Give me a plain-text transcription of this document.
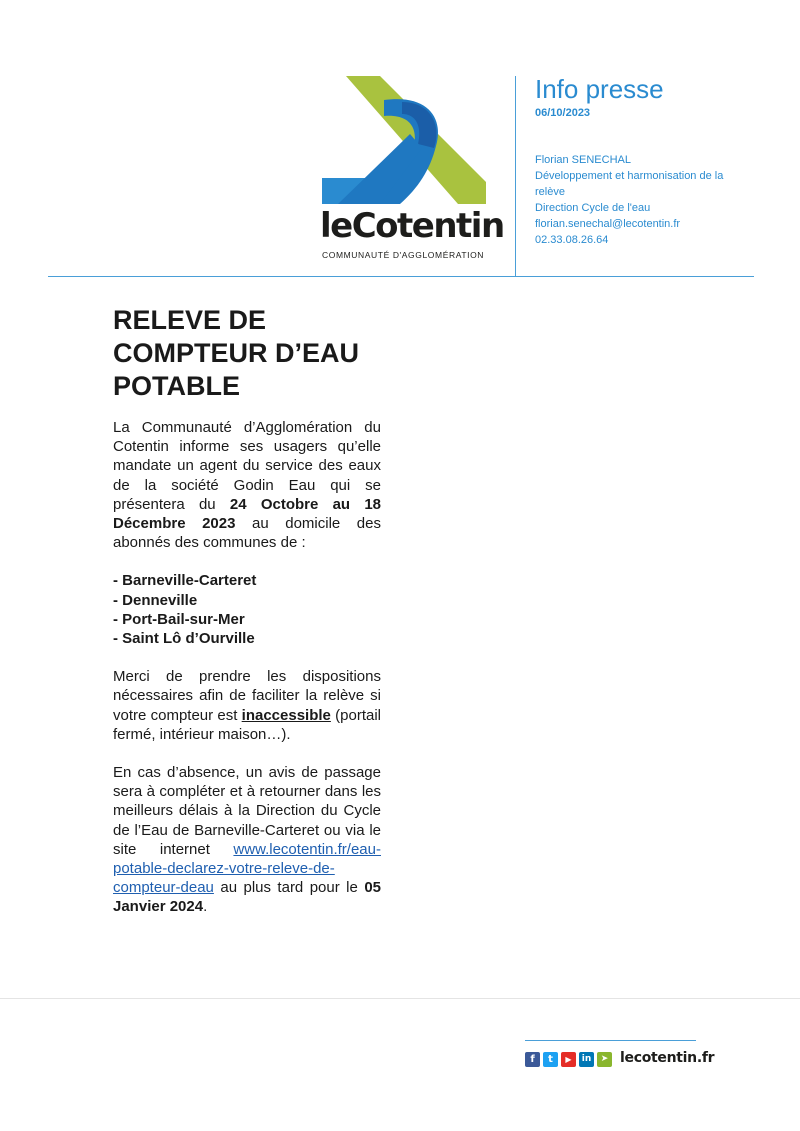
leCotentin
COMMUNAUTÉ D'AGGLOMÉRATION
Info presse
06/10/2023
Florian SENECHAL
Développement et harmonisation de la relève
Direction Cycle de l'eau
florian.senechal@lecotentin.fr
02.33.08.26.64
RELEVE DE
COMPTEUR D’EAU
POTABLE

La Communauté d’Agglomération du Cotentin informe ses usagers qu’elle mandate un agent du service des eaux de la société Godin Eau qui se présentera du 24 Octobre au 18 Décembre 2023 au domicile des abonnés des communes de :

- Barneville-Carteret
- Denneville
- Port-Bail-sur-Mer
- Saint Lô d’Ourville

Merci de prendre les dispositions nécessaires afin de faciliter la relève si votre compteur est inaccessible (portail fermé, intérieur maison…).

En cas d’absence, un avis de passage sera à compléter et à retourner dans les meilleurs délais à la Direction du Cycle de l’Eau de Barneville-Carteret ou via le site internet www.lecotentin.fr/eau-potable-declarez-votre-releve-de-compteur-deau au plus tard pour le 05 Janvier 2024.

f	t	▶	in	➤ lecotentin.fr
